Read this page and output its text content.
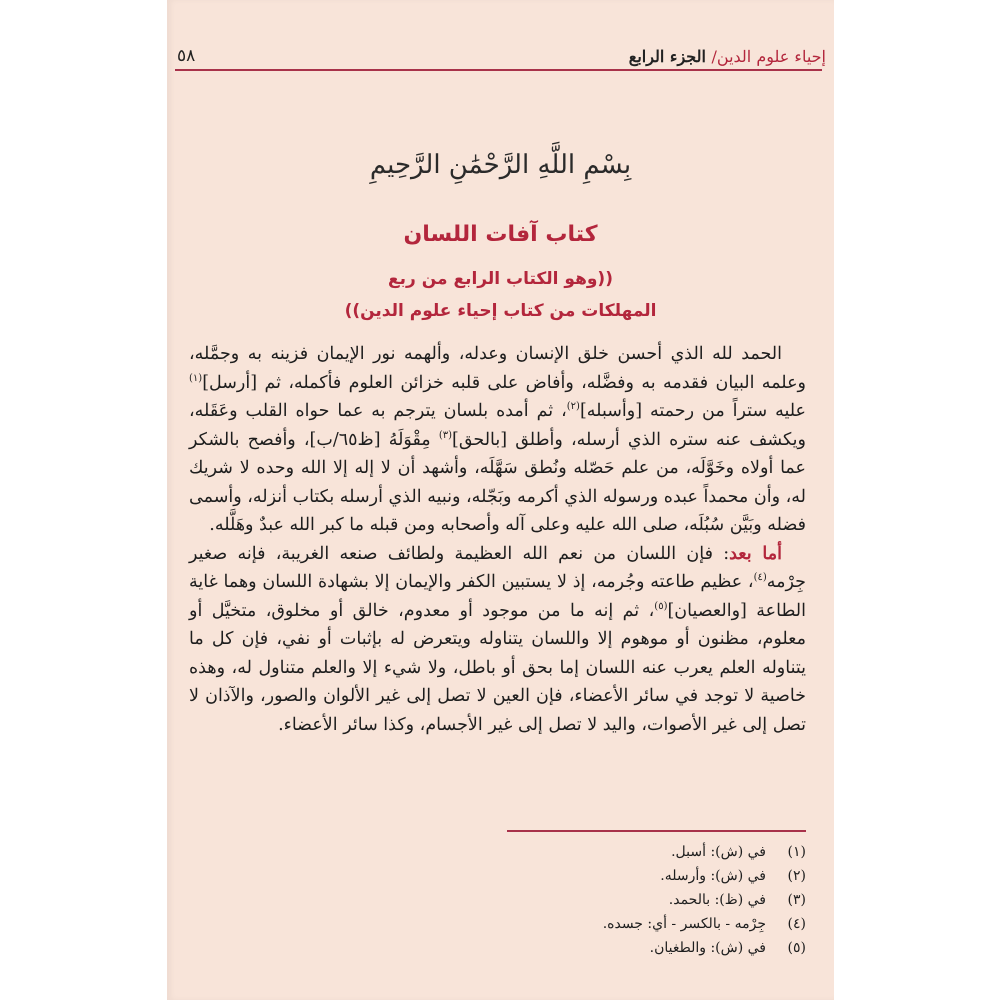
٥٨	إحياء علوم الدين/ الجزء الرابع
بِسْمِ اللَّهِ الرَّحْمَٰنِ الرَّحِيمِ
كتاب آفات اللسان
((وهو الكتاب الرابع من ربع
المهلكات من كتاب إحياء علوم الدين))

الحمد لله الذي أحسن خلق الإنسان وعدله، وألهمه نور الإيمان فزينه به وجمَّله، وعلمه البيان فقدمه به وفضَّله، وأفاض على قلبه خزائن العلوم فأكمله، ثم [أرسل]$^{(١)}$ عليه ستراً من رحمته [وأسبله]$^{(٢)}$، ثم أمده بلسان يترجم به عما حواه القلب وعَقَله، ويكشف عنه ستره الذي أرسله، وأطلق [بالحق]$^{(٣)}$ مِقْوَلَهُ [ظ٦٥/ب]، وأفصح بالشكر عما أولاه وخَوَّلَه، من علم حَصّله ونُطق سَهَّلَه، وأشهد أن لا إله إلا الله وحده لا شريك له، وأن محمداً عبده ورسوله الذي أكرمه وبَجّله، ونبيه الذي أرسله بكتاب أنزله، وأسمى فضله وبَيَّن سُبُلَه، صلى الله عليه وعلى آله وأصحابه ومن قبله ما كبر الله عبدٌ وهَلَّله.

أما بعد: فإن اللسان من نعم الله العظيمة ولطائف صنعه الغريبة، فإنه صغير جِرْمه$^{(٤)}$، عظيم طاعته وجُرمه، إذ لا يستبين الكفر والإيمان إلا بشهادة اللسان وهما غاية الطاعة [والعصيان]$^{(٥)}$، ثم إنه ما من موجود أو معدوم، خالق أو مخلوق، متخيَّل أو معلوم، مظنون أو موهوم إلا واللسان يتناوله ويتعرض له بإثبات أو نفي، فإن كل ما يتناوله العلم يعرب عنه اللسان إما بحق أو باطل، ولا شيء إلا والعلم متناول له، وهذه خاصية لا توجد في سائر الأعضاء، فإن العين لا تصل إلى غير الألوان والصور، والآذان لا تصل إلى غير الأصوات، واليد لا تصل إلى غير الأجسام، وكذا سائر الأعضاء.

(١)
في (ش): أسبل.
(٢)
في (ش): وأرسله.
(٣)
في (ظ): بالحمد.
(٤)
جِرْمه - بالكسر - أي: جسده.
(٥)
في (ش): والطغيان.
